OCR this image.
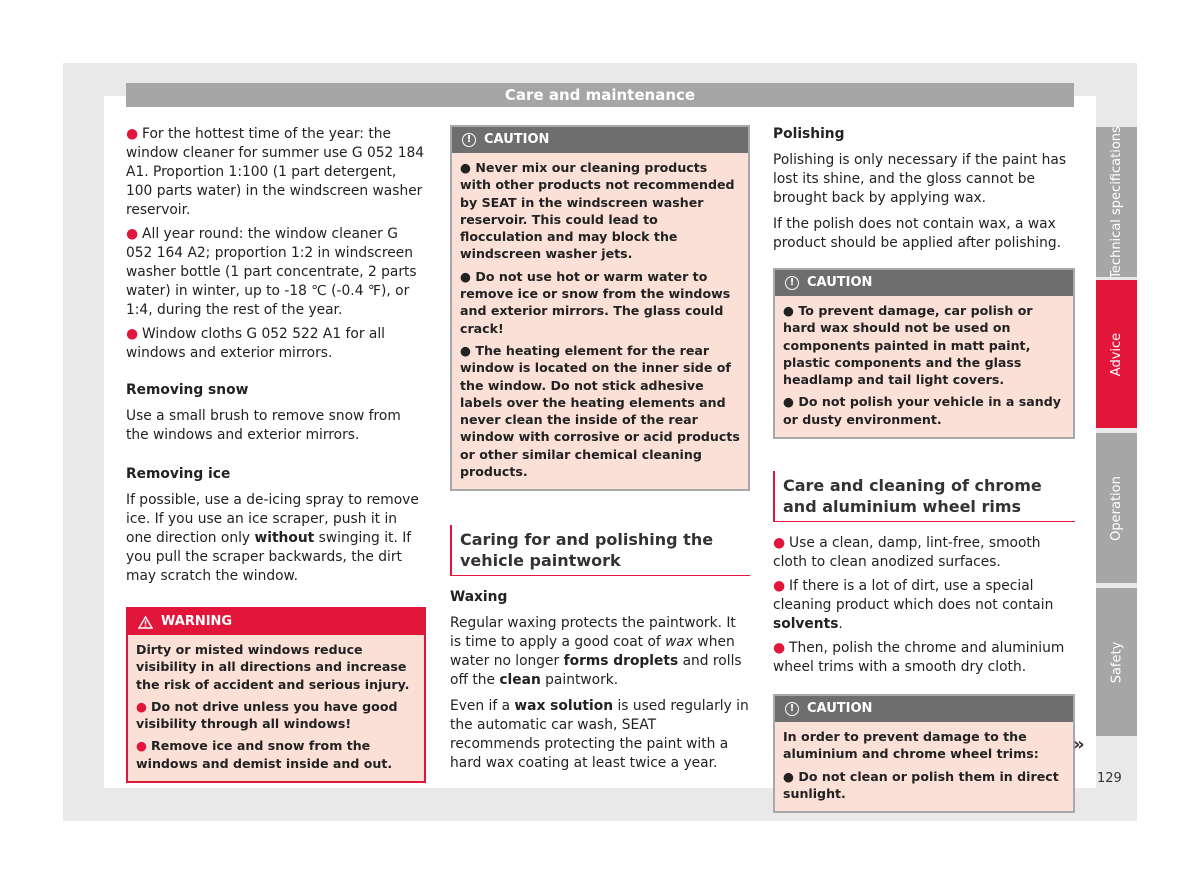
Care and maintenance

● For the hottest time of the year: the window cleaner for summer use G 052 184 A1. Proportion 1:100 (1 part detergent, 100 parts water) in the windscreen washer reservoir.

● All year round: the window cleaner G 052 164 A2; proportion 1:2 in windscreen washer bottle (1 part concentrate, 2 parts water) in winter, up to -18 ℃ (-0.4 ℉), or 1:4, during the rest of the year.

● Window cloths G 052 522 A1 for all windows and exterior mirrors.

Removing snow

Use a small brush to remove snow from the windows and exterior mirrors.

Removing ice

If possible, use a de-icing spray to remove ice. If you use an ice scraper, push it in one direction only without swinging it. If you pull the scraper backwards, the dirt may scratch the window.

WARNING

Dirty or misted windows reduce visibility in all directions and increase the risk of accident and serious injury.

● Do not drive unless you have good visibility through all windows!

● Remove ice and snow from the windows and demist inside and out.

! CAUTION

● Never mix our cleaning products with other products not recommended by SEAT in the windscreen washer reservoir. This could lead to flocculation and may block the windscreen washer jets.

● Do not use hot or warm water to remove ice or snow from the windows and exterior mirrors. The glass could crack!

● The heating element for the rear window is located on the inner side of the window. Do not stick adhesive labels over the heating elements and never clean the inside of the rear window with corrosive or acid products or other similar chemical cleaning products.

Caring for and polishing the vehicle paintwork
Waxing

Regular waxing protects the paintwork. It is time to apply a good coat of wax when water no longer forms droplets and rolls off the clean paintwork.

Even if a wax solution is used regularly in the automatic car wash, SEAT recommends protecting the paint with a hard wax coating at least twice a year.

Polishing

Polishing is only necessary if the paint has lost its shine, and the gloss cannot be brought back by applying wax.

If the polish does not contain wax, a wax product should be applied after polishing.

! CAUTION

● To prevent damage, car polish or hard wax should not be used on components painted in matt paint, plastic components and the glass headlamp and tail light covers.

● Do not polish your vehicle in a sandy or dusty environment.

Care and cleaning of chrome and aluminium wheel rims

● Use a clean, damp, lint-free, smooth cloth to clean anodized surfaces.

● If there is a lot of dirt, use a special cleaning product which does not contain solvents.

● Then, polish the chrome and aluminium wheel trims with a smooth dry cloth.

! CAUTION

In order to prevent damage to the aluminium and chrome wheel trims:

● Do not clean or polish them in direct sunlight.

Technical specifications
Advice
Operation
Safety
»
129
